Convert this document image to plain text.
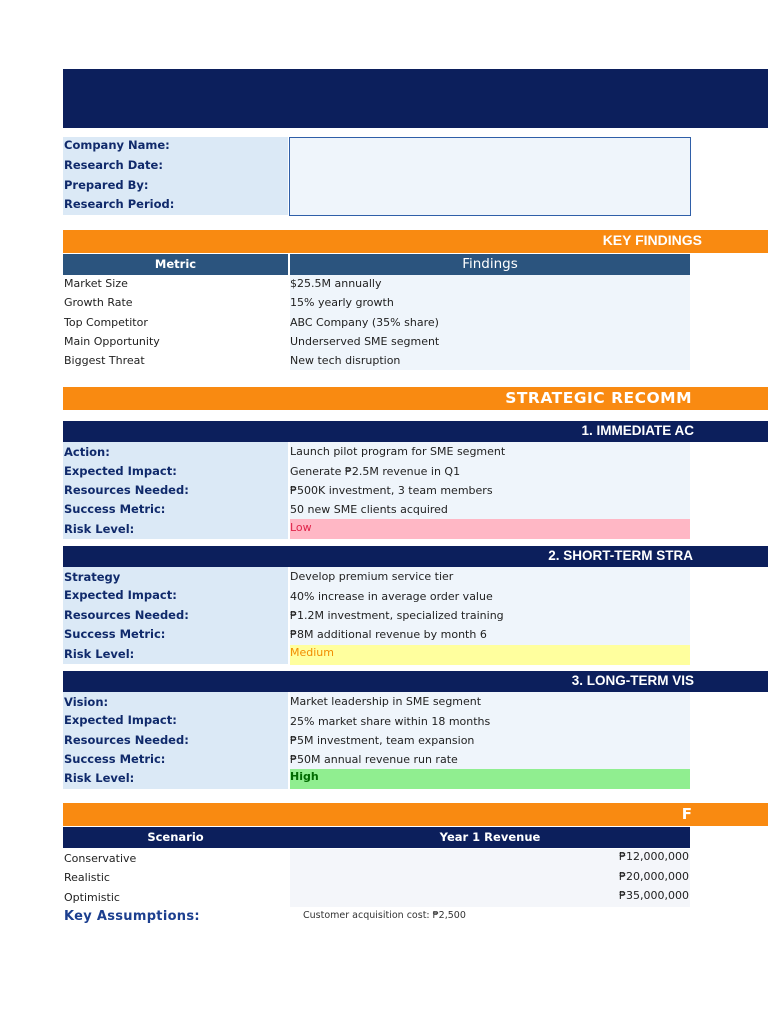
Company Name:
Research Date:
Prepared By:
Research Period:
KEY FINDINGS
Metric	Findings
Market Size	$25.5M annually
Growth Rate	15% yearly growth
Top Competitor	ABC Company (35% share)
Main Opportunity	Underserved SME segment
Biggest Threat	New tech disruption
STRATEGIC RECOMM
1. IMMEDIATE AC
Action:	Launch pilot program for SME segment
Expected Impact:	Generate ₱2.5M revenue in Q1
Resources Needed:	₱500K investment, 3 team members
Success Metric:	50 new SME clients acquired
Risk Level:	Low
2. SHORT-TERM STRA
Strategy	Develop premium service tier
Expected Impact:	40% increase in average order value
Resources Needed:	₱1.2M investment, specialized training
Success Metric:	₱8M additional revenue by month 6
Risk Level:	Medium
3. LONG-TERM VIS
Vision:	Market leadership in SME segment
Expected Impact:	25% market share within 18 months
Resources Needed:	₱5M investment, team expansion
Success Metric:	₱50M annual revenue run rate
Risk Level:	High
F
Scenario	Year 1 Revenue
Conservative	₱12,000,000
Realistic	₱20,000,000
Optimistic	₱35,000,000
Key Assumptions:	Customer acquisition cost: ₱2,500
